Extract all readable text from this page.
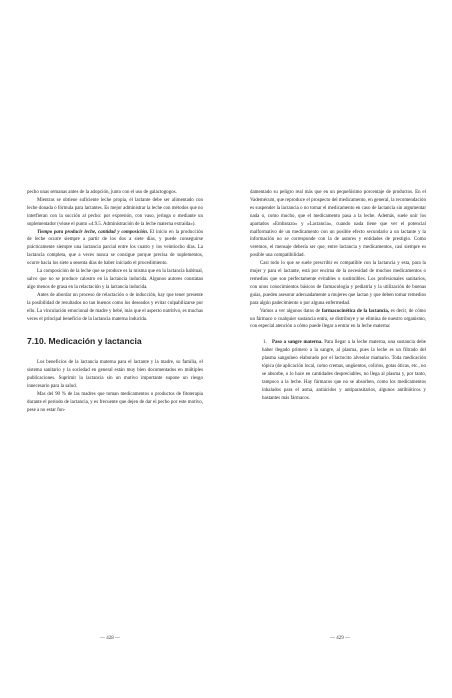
pecho unas semanas antes de la adopción, junto con el uso de galactogogos.

Mientras se obtiene suficiente leche propia, el lactante debe ser alimentado con leche donada o fórmula para lactantes. Es mejor administrar la leche con métodos que no interfieran con la succión al pecho: por expresión, con vaso, jeringa o mediante un suplementador (véase el punto «4.9.5. Administración de la leche materna extraída»).

Tiempo para producir leche, cantidad y composición. El inicio en la producción de leche ocurre siempre a partir de los dos a siete días, y puede conseguirse prácticamente siempre una lactancia parcial entre los cuatro y los veintiocho días. La lactancia completa, que a veces nunca se consigue porque precisa de suplementos, ocurre hacia los siete a sesenta días de haber iniciado el procedimiento.

La composición de la leche que se produce es la misma que en la lactancia habitual, salvo que no se produce calostro en la lactancia inducida. Algunos autores constatan algo menos de grasa en la relactación y la lactancia inducida.

Antes de abordar un proceso de relactación o de inducción, hay que tener presente la posibilidad de resultados no tan buenos como los deseados y evitar culpabilizarse por ello. La vinculación emocional de madre y bebé, más que el aspecto nutritivo, es muchas veces el principal beneficio de la lactancia materna inducida.

7.10. Medicación y lactancia

Los beneficios de la lactancia materna para el lactante y la madre, su familia, el sistema sanitario y la sociedad en general están muy bien documentados en múltiples publicaciones. Suprimir la lactancia sin un motivo importante supone un riesgo innecesario para la salud.

Mas del 90 % de las madres que toman medicamentos o productos de fitoterapia durante el periodo de lactancia, y es frecuente que dejen de dar el pecho por este motivo, pese a no estar fun-

— 428 —

damentado su peligro real más que en un pequeñísimo porcentaje de productos. En el Vademécum, que reproduce el prospecto del medicamento, en general, la recomendación es suspender la lactancia o no tomar el medicamento en caso de lactancia sin argumentar nada o, como mucho, que el medicamento pasa a la leche. Además, suele unir los apartados «Embarazo» y «Lactancia», cuando nada tiene que ver el potencial malformativo de un medicamento con un posible efecto secundario a un lactante y la información no se corresponde con la de autores y entidades de prestigio. Como veremos, el mensaje debería ser que, entre lactancia y medicamentos, casi siempre es posible una compatibilidad.

Casi todo lo que se suele prescribir es compatible con la lactancia y esta, para la mujer y para el lactante, está por encima de la necesidad de muchos medicamentos o remedios que son perfectamente evitables o sustituibles. Los profesionales sanitarios, con unos conocimientos básicos de farmacología y pediatría y la utilización de buenas guías, pueden asesorar adecuadamente a mujeres que lactan y que deben tomar remedios para algún padecimiento o por alguna enfermedad.

Vamos a ver algunos datos de farmacocinética de la lactancia, es decir, de cómo un fármaco o cualquier sustancia entra, se distribuye y se elimina de nuestro organismo, con especial atención a cómo puede llegar a entrar en la leche materna:

1. Paso a sangre materna. Para llegar a la leche materna, una sustancia debe haber llegado primero a la sangre, al plasma, pues la leche es un filtrado del plasma sanguíneo elaborado por el lactocito alveolar mamario. Toda medicación tópica (de aplicación local, como cremas, ungüentos, colirios, gotas óticas, etc., no se absorbe, o lo hace en cantidades despreciables, no llega al plasma y, por tanto, tampoco a la leche. Hay fármacos que no se absorben, como los medicamentos inhalados para el asma, antiácidos y antiparasitarios, algunos antibióticos y bastantes más fármacos.

— 429 —
